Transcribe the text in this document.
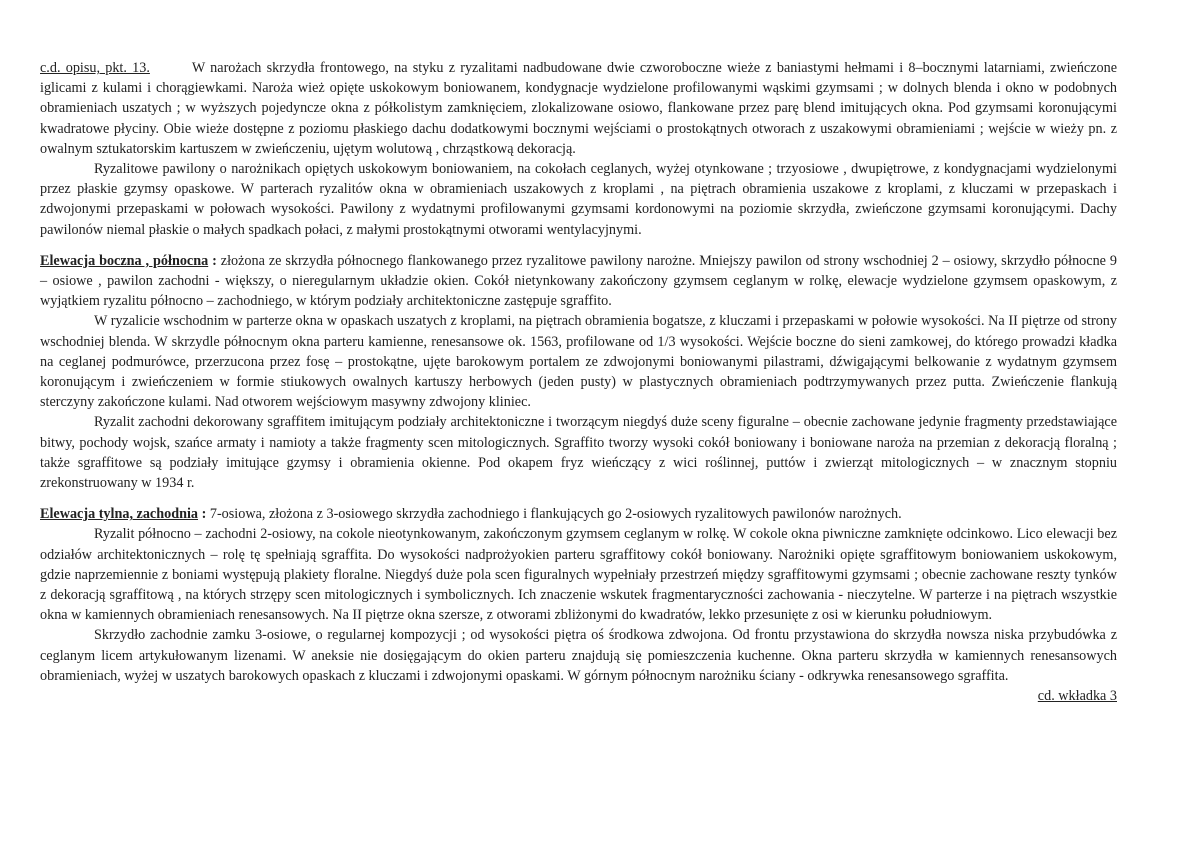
c.d. opisu, pkt. 13.	W narożach skrzydła frontowego, na styku z ryzalitami nadbudowane dwie czworoboczne wieże z baniastymi hełmami i 8–bocznymi latarniami, zwieńczone iglicami z kulami i chorągiewkami. Naroża wież opięte uskokowym boniowanem, kondygnacje wydzielone profilowanymi wąskimi gzymsami ; w dolnych blenda i okno w podobnych obramieniach uszatych ; w wyższych pojedyncze okna z półkolistym zamknięciem, zlokalizowane osiowo, flankowane przez parę blend imitujących okna. Pod gzymsami koronującymi kwadratowe płyciny. Obie wieże dostępne z poziomu płaskiego dachu dodatkowymi bocznymi wejściami o prostokątnych otworach z uszakowymi obramieniami ; wejście w wieży pn. z owalnym sztukatorskim kartuszem w zwieńczeniu, ujętym wolutową , chrząstkową dekoracją.

Ryzalitowe pawilony o narożnikach opiętych uskokowym boniowaniem, na cokołach ceglanych, wyżej otynkowane ; trzyosiowe , dwupiętrowe, z kondygnacjami wydzielonymi przez płaskie gzymsy opaskowe. W parterach ryzalitów okna w obramieniach uszakowych z kroplami , na piętrach obramienia uszakowe z kroplami, z kluczami w przepaskach i zdwojonymi przepaskami w połowach wysokości. Pawilony z wydatnymi profilowanymi gzymsami kordonowymi na poziomie skrzydła, zwieńczone gzymsami koronującymi. Dachy pawilonów niemal płaskie o małych spadkach połaci, z małymi prostokątnymi otworami wentylacyjnymi.

Elewacja boczna , północna : złożona ze skrzydła północnego flankowanego przez ryzalitowe pawilony narożne. Mniejszy pawilon od strony wschodniej 2 – osiowy, skrzydło północne 9 – osiowe , pawilon zachodni - większy, o nieregularnym układzie okien. Cokół nietynkowany zakończony gzymsem ceglanym w rolkę, elewacje wydzielone gzymsem opaskowym, z wyjątkiem ryzalitu północno – zachodniego, w którym podziały architektoniczne zastępuje sgraffito.

W ryzalicie wschodnim w parterze okna w opaskach uszatych z kroplami, na piętrach obramienia bogatsze, z kluczami i przepaskami w połowie wysokości. Na II piętrze od strony wschodniej blenda. W skrzydle północnym okna parteru kamienne, renesansowe ok. 1563, profilowane od 1/3 wysokości. Wejście boczne do sieni zamkowej, do którego prowadzi kładka na ceglanej podmurówce, przerzucona przez fosę – prostokątne, ujęte barokowym portalem ze zdwojonymi boniowanymi pilastrami, dźwigającymi belkowanie z wydatnym gzymsem koronującym i zwieńczeniem w formie stiukowych owalnych kartuszy herbowych (jeden pusty) w plastycznych obramieniach podtrzymywanych przez putta. Zwieńczenie flankują sterczyny zakończone kulami. Nad otworem wejściowym masywny zdwojony kliniec.

Ryzalit zachodni dekorowany sgraffitem imitującym podziały architektoniczne i tworzącym niegdyś duże sceny figuralne – obecnie zachowane jedynie fragmenty przedstawiające bitwy, pochody wojsk, szańce armaty i namioty a także fragmenty scen mitologicznych. Sgraffito tworzy wysoki cokół boniowany i boniowane naroża na przemian z dekoracją floralną ; także sgraffitowe są podziały imitujące gzymsy i obramienia okienne. Pod okapem fryz wieńczący z wici roślinnej, puttów i zwierząt mitologicznych – w znacznym stopniu zrekonstruowany w 1934 r.

Elewacja tylna, zachodnia : 7-osiowa, złożona z 3-osiowego skrzydła zachodniego i flankujących go 2-osiowych ryzalitowych pawilonów narożnych.

Ryzalit północno – zachodni 2-osiowy, na cokole nieotynkowanym, zakończonym gzymsem ceglanym w rolkę. W cokole okna piwniczne zamknięte odcinkowo. Lico elewacji bez odziałów architektonicznych – rolę tę spełniają sgraffita. Do wysokości nadprożyokien parteru sgraffitowy cokół boniowany. Narożniki opięte sgraffitowym boniowaniem uskokowym, gdzie naprzemiennie z boniami występują plakiety floralne. Niegdyś duże pola scen figuralnych wypełniały przestrzeń między sgraffitowymi gzymsami ; obecnie zachowane reszty tynków z dekoracją sgraffitową , na których strzępy scen mitologicznych i symbolicznych. Ich znaczenie wskutek fragmentaryczności zachowania - nieczytelne. W parterze i na piętrach wszystkie okna w kamiennych obramieniach renesansowych. Na II piętrze okna szersze, z otworami zbliżonymi do kwadratów, lekko przesunięte z osi w kierunku południowym.

Skrzydło zachodnie zamku 3-osiowe, o regularnej kompozycji ; od wysokości piętra oś środkowa zdwojona. Od frontu przystawiona do skrzydła nowsza niska przybudówka z ceglanym licem artykułowanym lizenami. W aneksie nie dosięgającym do okien parteru znajdują się pomieszczenia kuchenne. Okna parteru skrzydła w kamiennych renesansowych obramieniach, wyżej w uszatych barokowych opaskach z kluczami i zdwojonymi opaskami. W górnym północnym narożniku ściany - odkrywka renesansowego sgraffita.
cd. wkładka 3
